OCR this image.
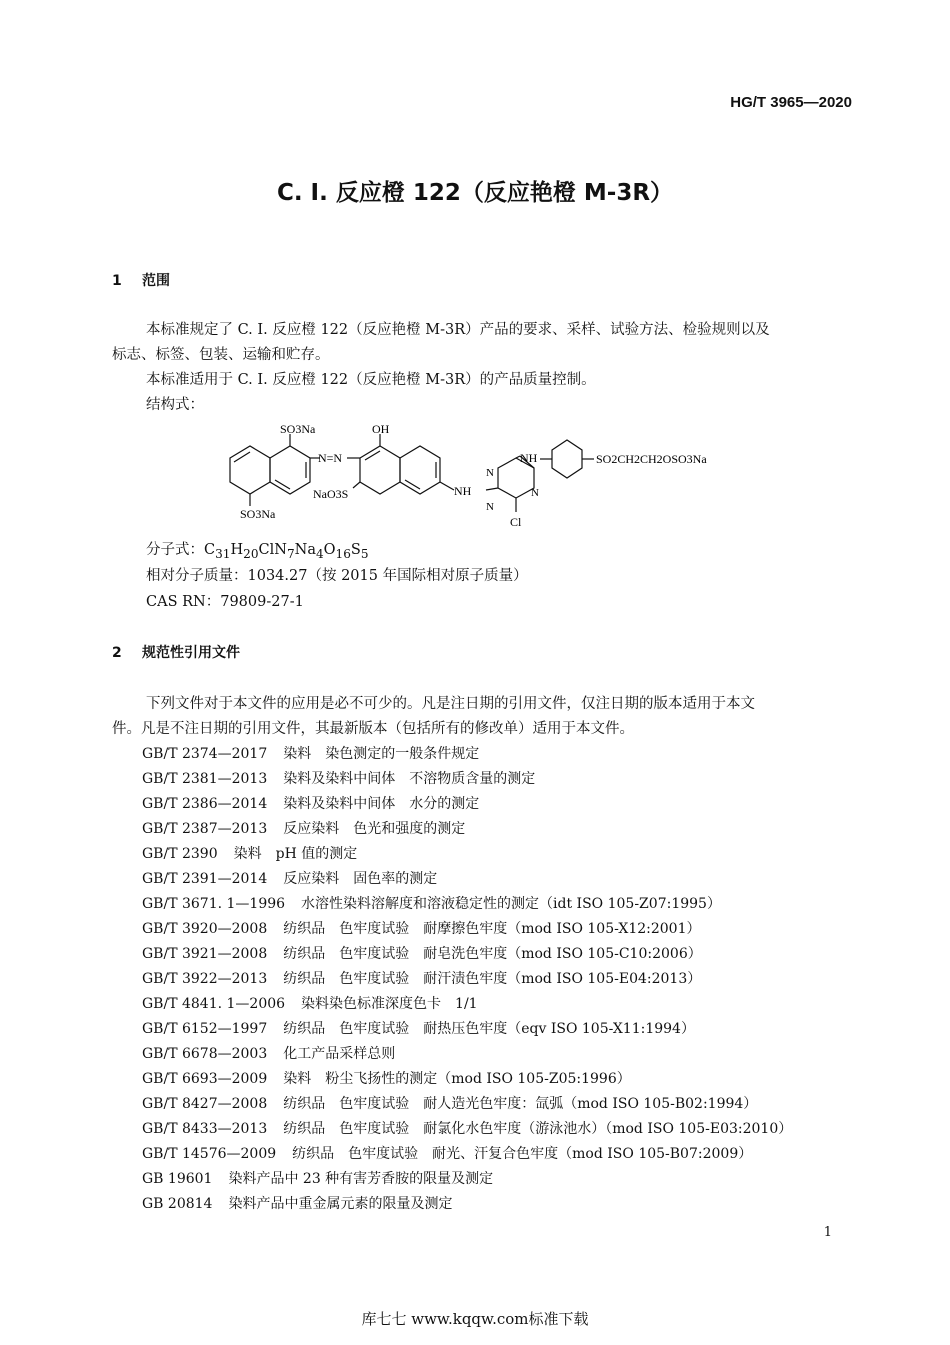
HG/T 3965—2020
C. I. 反应橙 122（反应艳橙 M-3R）
1 范围

本标准规定了 C. I. 反应橙 122（反应艳橙 M-3R）产品的要求、采样、试验方法、检验规则以及

标志、标签、包装、运输和贮存。

本标准适用于 C. I. 反应橙 122（反应艳橙 M-3R）的产品质量控制。

结构式：

SO3Na
N=N
OH
SO3Na
NaO3S	NH
NH
N
N
N
Cl
SO2CH2CH2OSO3Na
分子式：$C_{31}H_{20}ClN_7Na_4O_{16}S_5$
相对分子质量：1034.27（按 2015 年国际相对原子质量）
CAS RN：79809-27-1
2 规范性引用文件

下列文件对于本文件的应用是必不可少的。凡是注日期的引用文件，仅注日期的版本适用于本文

件。凡是不注日期的引用文件，其最新版本（包括所有的修改单）适用于本文件。

GB/T 2374—2017 染料　染色测定的一般条件规定
GB/T 2381—2013 染料及染料中间体　不溶物质含量的测定
GB/T 2386—2014 染料及染料中间体　水分的测定
GB/T 2387—2013 反应染料　色光和强度的测定
GB/T 2390 染料　pH 值的测定
GB/T 2391—2014 反应染料　固色率的测定
GB/T 3671. 1—1996 水溶性染料溶解度和溶液稳定性的测定（idt ISO 105-Z07:1995）
GB/T 3920—2008 纺织品　色牢度试验　耐摩擦色牢度（mod ISO 105-X12:2001）
GB/T 3921—2008 纺织品　色牢度试验　耐皂洗色牢度（mod ISO 105-C10:2006）
GB/T 3922—2013 纺织品　色牢度试验　耐汗渍色牢度（mod ISO 105-E04:2013）
GB/T 4841. 1—2006 染料染色标准深度色卡　1/1
GB/T 6152—1997 纺织品　色牢度试验　耐热压色牢度（eqv ISO 105-X11:1994）
GB/T 6678—2003 化工产品采样总则
GB/T 6693—2009 染料　粉尘飞扬性的测定（mod ISO 105-Z05:1996）
GB/T 8427—2008 纺织品　色牢度试验　耐人造光色牢度：氙弧（mod ISO 105-B02:1994）
GB/T 8433—2013 纺织品　色牢度试验　耐氯化水色牢度（游泳池水）（mod ISO 105-E03:2010）
GB/T 14576—2009 纺织品　色牢度试验　耐光、汗复合色牢度（mod ISO 105-B07:2009）
GB 19601 染料产品中 23 种有害芳香胺的限量及测定
GB 20814 染料产品中重金属元素的限量及测定
1
库七七 www.kqqw.com标准下载
